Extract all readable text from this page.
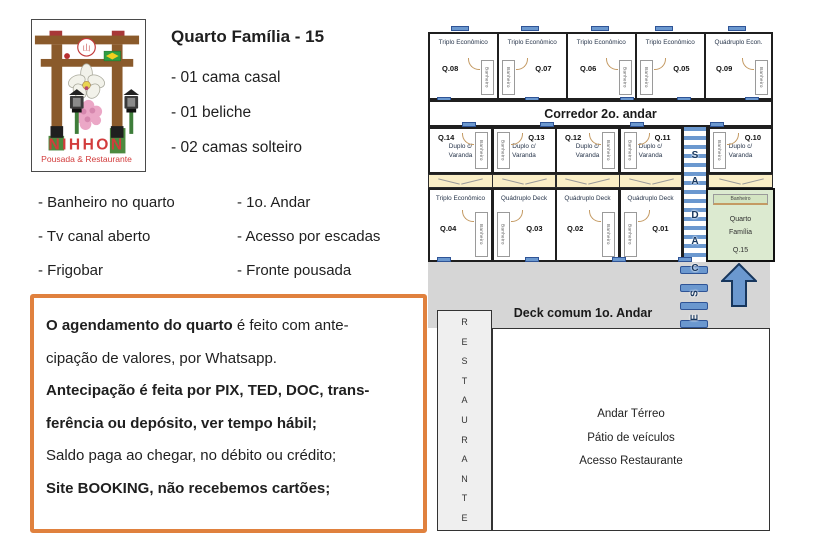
山
NIHHON
Pousada & Restaurante
Quarto Família - 15
- 01 cama casal
- 01 beliche
- 02 camas solteiro
- Banheiro no quarto
- Tv canal aberto
- Frigobar
- 1o. Andar
- Acesso por escadas
- Fronte pousada
O agendamento do quarto é feito com ante-
cipação de valores, por Whatsapp.
Antecipação é feita por PIX, TED, DOC, trans-
ferência ou depósito, ver tempo hábil;
Saldo paga ao chegar, no débito ou crédito;
Site BOOKING, não recebemos cartões;
Triplo Econômico
Q.08	Banheiro
Triplo Econômico
Q.07
Banheiro
Triplo Econômico
Q.06	Banheiro
Triplo Econômico
Q.05
Banheiro
Quádruplo Econ.
Q.09	Banheiro
Corredor 2o. andar
Q.14
Duplo c/ Varanda	Banheiro
Q.13
Duplo c/ Varanda
Banheiro
Q.12
Duplo c/ Varanda	Banheiro
Q.11
Duplo c/ Varanda
Banheiro
Q.10
Duplo c/ Varanda
Banheiro
Triplo Econômico
Q.04	Banheiro
Quádruplo Deck
Q.03
Banheiro
Quádruplo Deck
Q.02	Banheiro
Quádruplo Deck
Q.01
Banheiro
S
A
D
A
Banheiro
Quarto
Família
Q.15
Deck comum 1o. Andar
C
S
E
R
E
S
T
A
U
R
A
N
T
E
Andar Térreo
Pátio de veículos
Acesso Restaurante
